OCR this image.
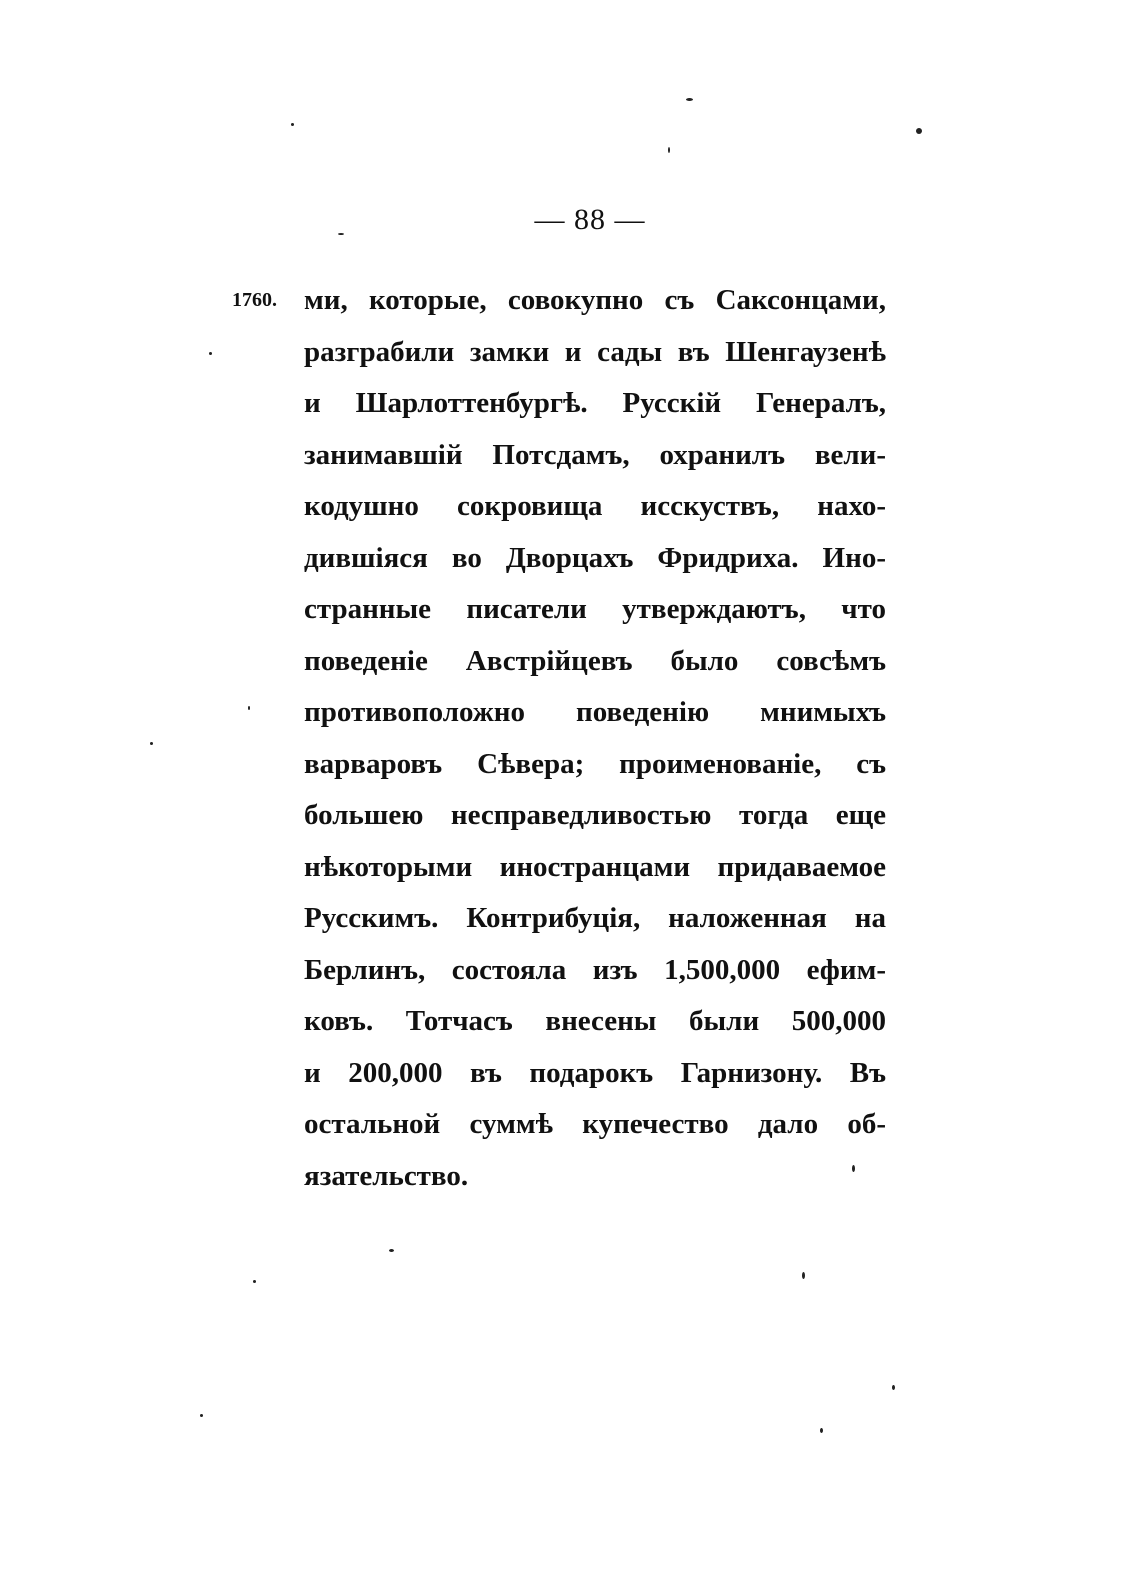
— 88 —
1760. ми, которые, совокупно съ Саксонцами,
разграбили замки и сады въ Шенгаузенѣ
и Шарлоттенбургѣ. Русскій Генералъ,
занимавшій Потсдамъ, охранилъ вели-
кодушно сокровища исскуствъ, нахо-
дившіяся во Дворцахъ Фридриха. Ино-
странные писатели утверждаютъ, что
поведеніе Австрійцевъ было совсѣмъ
противоположно поведенію мнимыхъ
варваровъ Сѣвера; проименованіе, съ
большею несправедливостью тогда еще
нѣкоторыми иностранцами придаваемое
Русскимъ. Контрибуція, наложенная на
Берлинъ, состояла изъ 1,500,000 ефим-
ковъ. Тотчасъ внесены были 500,000
и 200,000 въ подарокъ Гарнизону. Въ
остальной суммѣ купечество дало об-
язательство.
